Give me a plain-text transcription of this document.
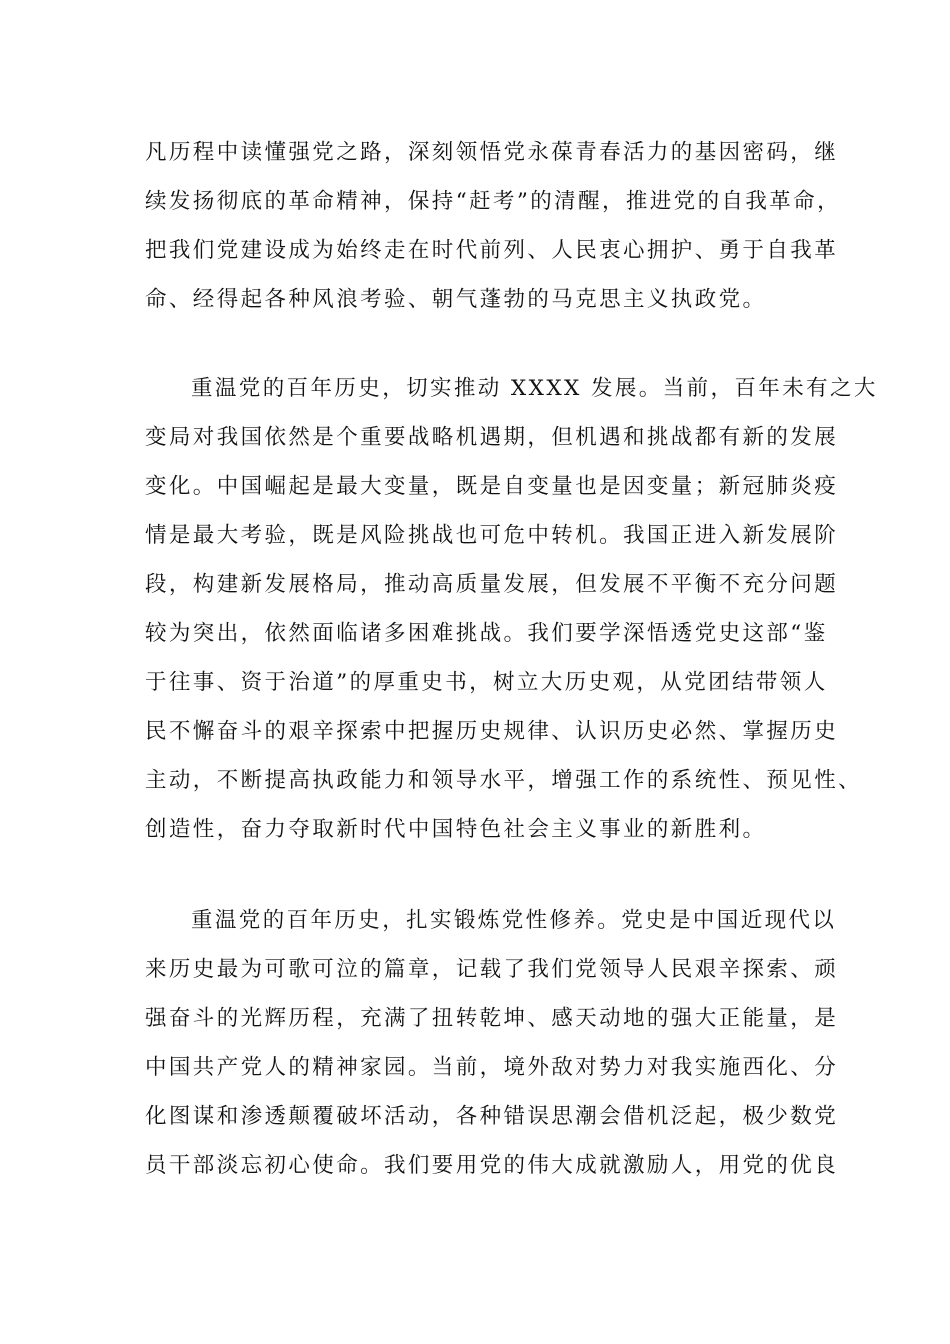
凡历程中读懂强党之路，深刻领悟党永葆青春活力的基因密码，继
续发扬彻底的革命精神，保持“赶考”的清醒，推进党的自我革命，
把我们党建设成为始终走在时代前列、人民衷心拥护、勇于自我革
命、经得起各种风浪考验、朝气蓬勃的马克思主义执政党。

重温党的百年历史，切实推动 XXXX 发展。当前，百年未有之大
变局对我国依然是个重要战略机遇期，但机遇和挑战都有新的发展
变化。中国崛起是最大变量，既是自变量也是因变量；新冠肺炎疫
情是最大考验，既是风险挑战也可危中转机。我国正进入新发展阶
段，构建新发展格局，推动高质量发展，但发展不平衡不充分问题
较为突出，依然面临诸多困难挑战。我们要学深悟透党史这部“鉴
于往事、资于治道”的厚重史书，树立大历史观，从党团结带领人
民不懈奋斗的艰辛探索中把握历史规律、认识历史必然、掌握历史
主动，不断提高执政能力和领导水平，增强工作的系统性、预见性、
创造性，奋力夺取新时代中国特色社会主义事业的新胜利。

重温党的百年历史，扎实锻炼党性修养。党史是中国近现代以
来历史最为可歌可泣的篇章，记载了我们党领导人民艰辛探索、顽
强奋斗的光辉历程，充满了扭转乾坤、感天动地的强大正能量，是
中国共产党人的精神家园。当前，境外敌对势力对我实施西化、分
化图谋和渗透颠覆破坏活动，各种错误思潮会借机泛起，极少数党
员干部淡忘初心使命。我们要用党的伟大成就激励人，用党的优良
